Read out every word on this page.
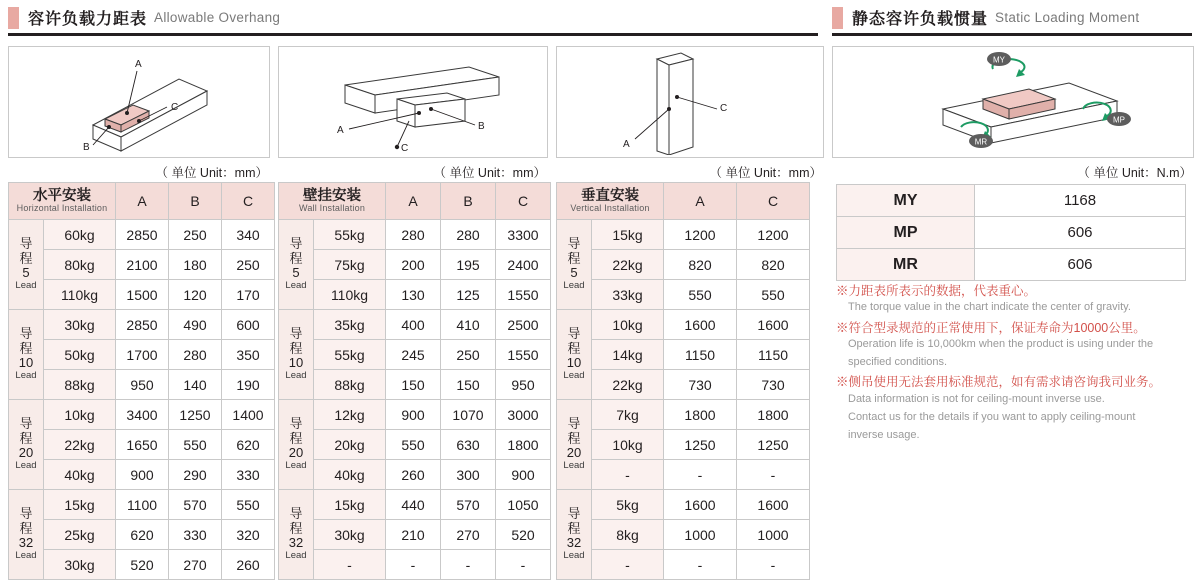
容许负载力距表 Allowable Overhang	静态容许负载惯量 Static Loading Moment
A
B
C
A	B
C	A
C
MY
MP
MR
（ 单位 Unit：mm）	（ 单位 Unit：mm）	（ 单位 Unit：mm）	（ 单位 Unit：N.m）
水平安装
Horizontal Installation		A	B	C

导
程
5
Lead	60kg	2850	250	340
	80kg	2100	180	250
	110kg	1500	120	170

导
程
10
Lead	30kg	2850	490	600
	50kg	1700	280	350
	88kg	950	140	190

导
程
20
Lead	10kg	3400	1250	1400
	22kg	1650	550	620
	40kg	900	290	330

导
程
32
Lead	15kg	1100	570	550
	25kg	620	330	320
	30kg	520	270	260
壁挂安装
Wall Installation		A	B	C

导
程
5
Lead	55kg	280	280	3300
	75kg	200	195	2400
	110kg	130	125	1550

导
程
10
Lead	35kg	400	410	2500
	55kg	245	250	1550
	88kg	150	150	950

导
程
20
Lead	12kg	900	1070	3000
	20kg	550	630	1800
	40kg	260	300	900

导
程
32
Lead	15kg	440	570	1050
	30kg	210	270	520
	-	-	-	-
垂直安装
Vertical Installation		A	C

导
程
5
Lead	15kg	1200	1200
	22kg	820	820
	33kg	550	550

导
程
10
Lead	10kg	1600	1600
	14kg	1150	1150
	22kg	730	730

导
程
20
Lead	7kg	1800	1800
	10kg	1250	1250
	-	-	-

导
程
32
Lead	5kg	1600	1600
	8kg	1000	1000
	-	-	-
MY	1168
MP	606
MR	606
※力距表所表示的数据，代表重心。
The torque value in the chart indicate the center of gravity.
※符合型录规范的正常使用下，保证寿命为10000公里。
Operation life is 10,000km when the product is using under the
specified conditions.
※侧吊使用无法套用标准规范，如有需求请咨询我司业务。
Data information is not for ceiling-mount inverse use.
Contact us for the details if you want to apply ceiling-mount
inverse usage.
